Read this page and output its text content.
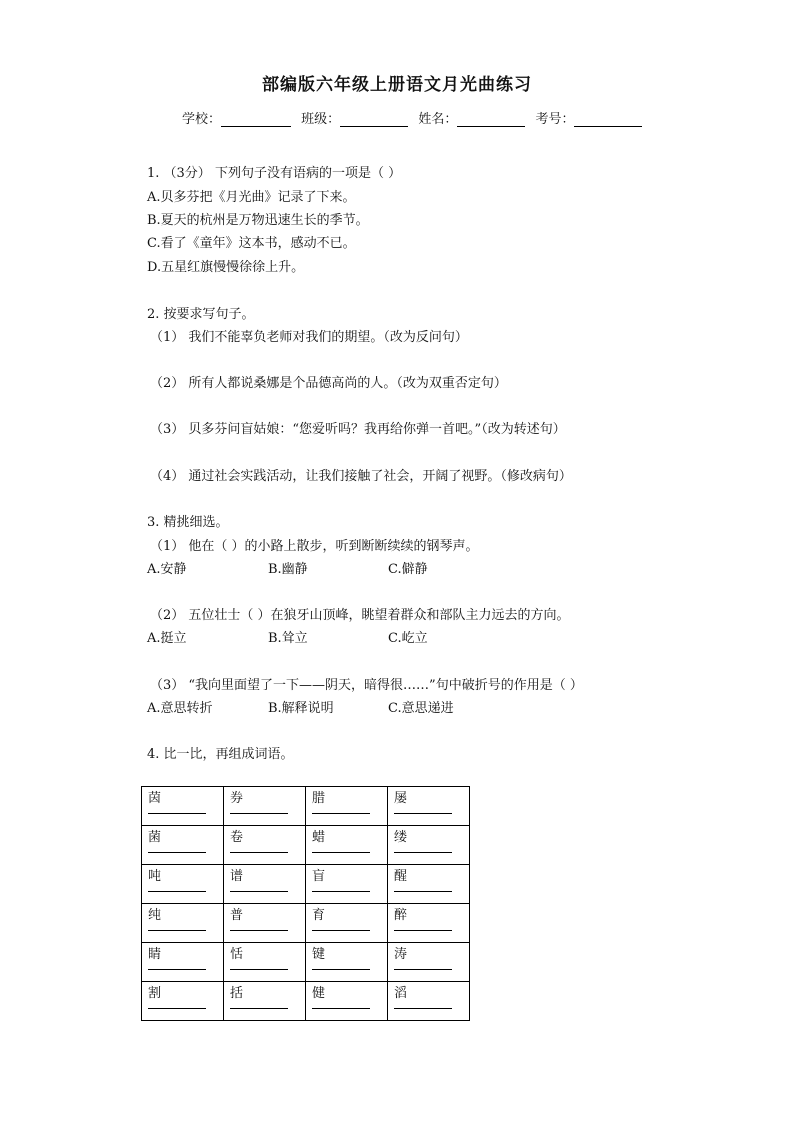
部编版六年级上册语文月光曲练习
学校：	班级：	姓名：	考号：
1. （3分） 下列句子没有语病的一项是（ ）
A.贝多芬把《月光曲》记录了下来。
B.夏天的杭州是万物迅速生长的季节。
C.看了《童年》这本书，感动不已。
D.五星红旗慢慢徐徐上升。
2. 按要求写句子。
（1） 我们不能辜负老师对我们的期望。（改为反问句）
（2） 所有人都说桑娜是个品德高尚的人。（改为双重否定句）
（3） 贝多芬问盲姑娘：“您爱听吗？我再给你弹一首吧。”（改为转述句）
（4） 通过社会实践活动，让我们接触了社会，开阔了视野。（修改病句）
3. 精挑细选。
（1） 他在（ ）的小路上散步，听到断断续续的钢琴声。
A.安静	B.幽静	C.僻静
（2） 五位壮士（ ）在狼牙山顶峰，眺望着群众和部队主力远去的方向。
A.挺立	B.耸立	C.屹立
（3） “我向里面望了一下——阴天，暗得很……”句中破折号的作用是（ ）
A.意思转折	B.解释说明	C.意思递进
4. 比一比，再组成词语。
茵	券	腊	屡

菌	卷	蜡	缕

吨	谱	盲	醒

纯	普	育	醉

睛	恬	键	涛

割	括	健	滔
